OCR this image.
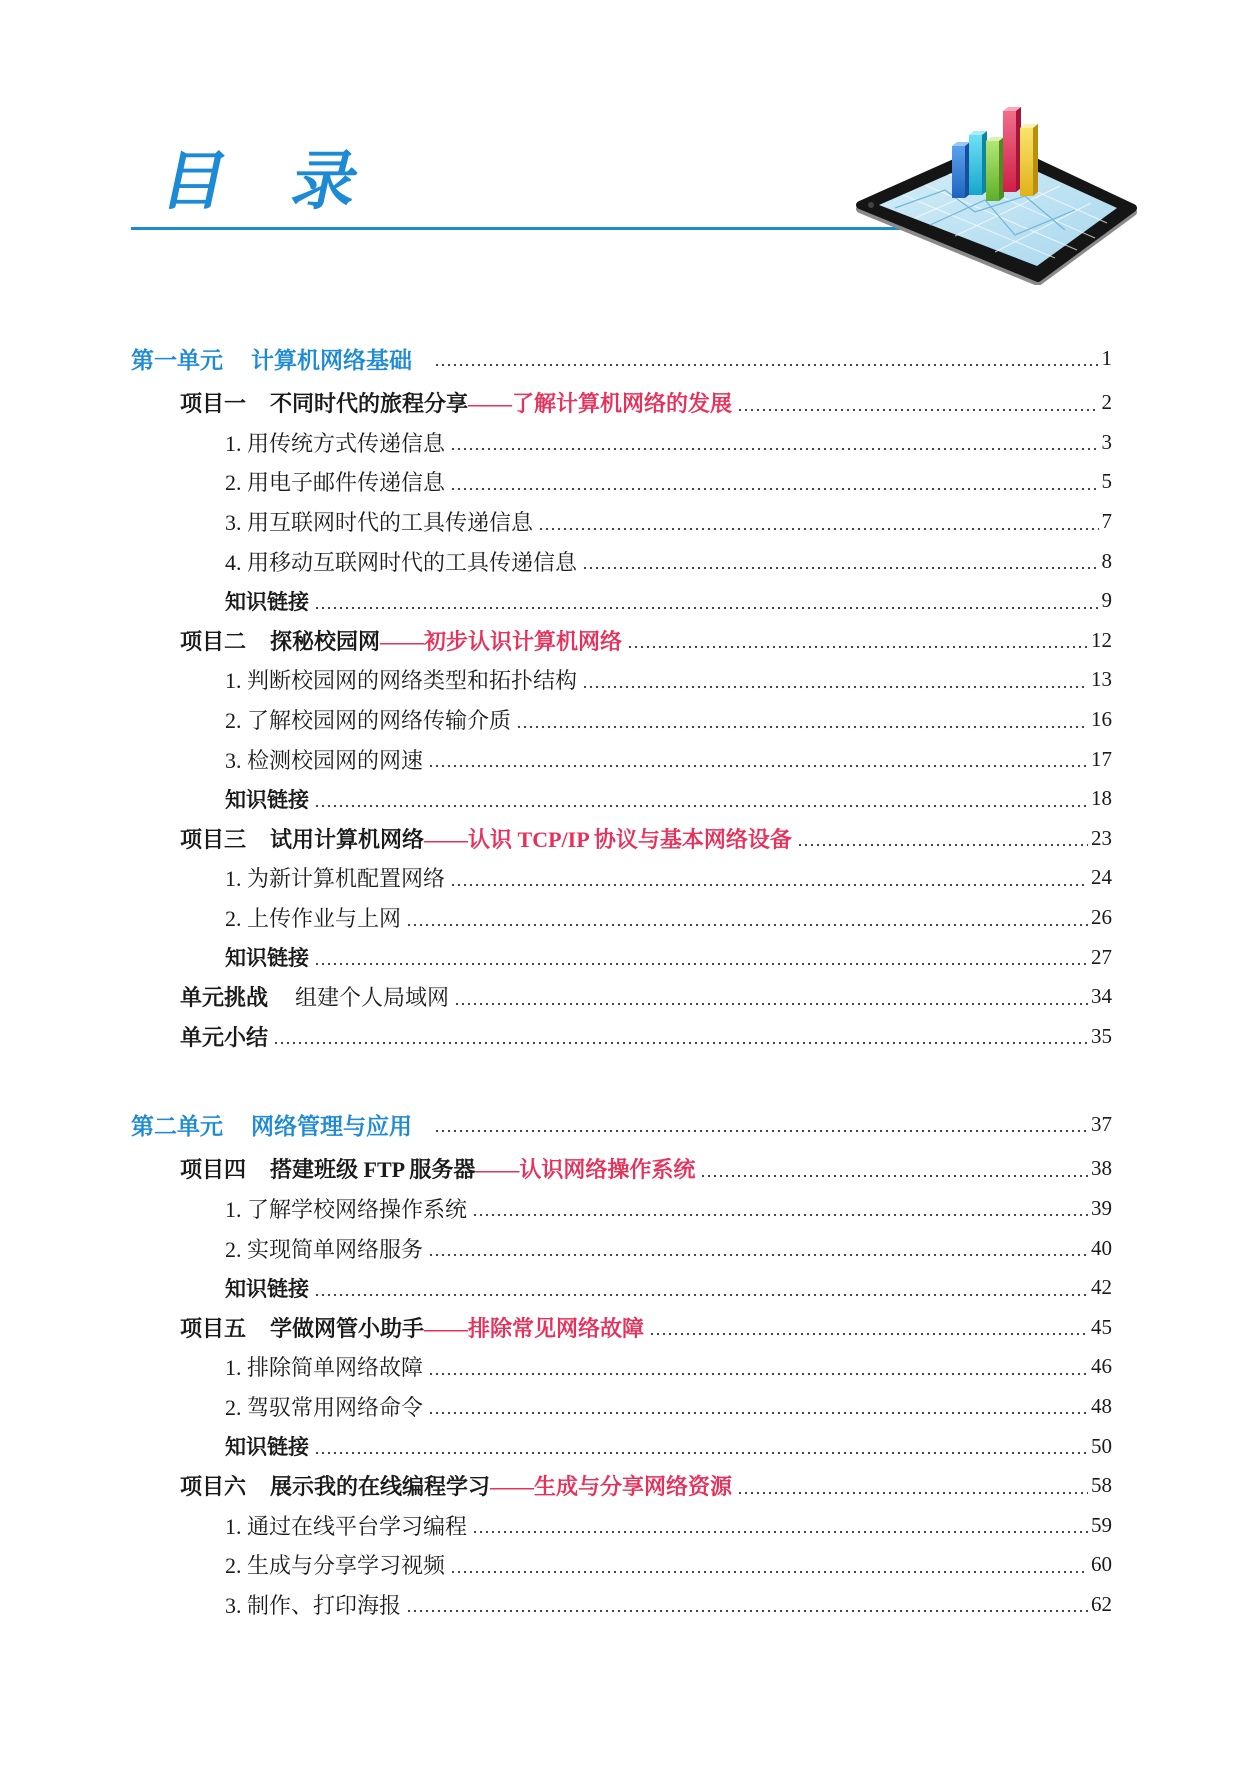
目 录
第一单元 计算机网络基础	1
项目一 不同时代的旅程分享 ——了解计算机网络的发展	2
1. 用传统方式传递信息	3
2. 用电子邮件传递信息	5
3. 用互联网时代的工具传递信息	7
4. 用移动互联网时代的工具传递信息	8
知识链接	9
项目二 探秘校园网 ——初步认识计算机网络	12
1. 判断校园网的网络类型和拓扑结构	13
2. 了解校园网的网络传输介质	16
3. 检测校园网的网速	17
知识链接	18
项目三 试用计算机网络 ——认识 TCP/IP 协议与基本网络设备	23
1. 为新计算机配置网络	24
2. 上传作业与上网	26
知识链接	27
单元挑战 组建个人局域网	34
单元小结	35
第二单元 网络管理与应用	37
项目四 搭建班级 FTP 服务器 ——认识网络操作系统	38
1. 了解学校网络操作系统	39
2. 实现简单网络服务	40
知识链接	42
项目五 学做网管小助手 ——排除常见网络故障	45
1. 排除简单网络故障	46
2. 驾驭常用网络命令	48
知识链接	50
项目六 展示我的在线编程学习 ——生成与分享网络资源	58
1. 通过在线平台学习编程	59
2. 生成与分享学习视频	60
3. 制作、打印海报	62
